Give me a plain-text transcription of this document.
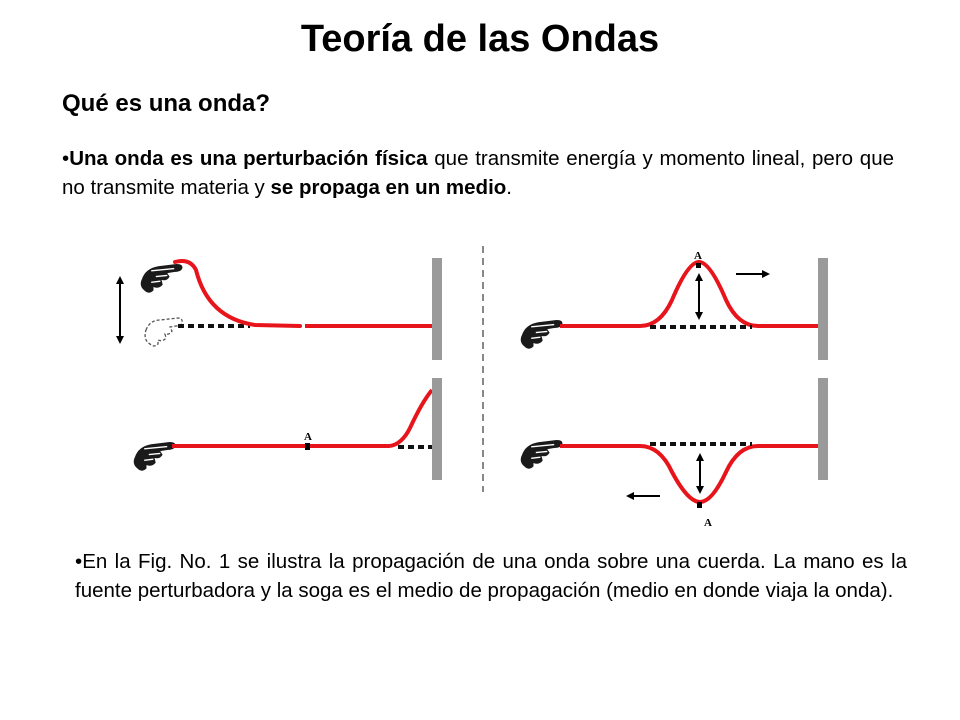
Teoría de las Ondas
Qué es una onda?
•Una onda es una perturbación física que transmite energía y momento lineal, pero que no transmite materia y se propaga en un medio.
A
A
A
•En la Fig. No. 1 se ilustra la propagación de una onda sobre una cuerda. La mano es la fuente perturbadora y la soga es el medio de propagación (medio en donde viaja la onda).
